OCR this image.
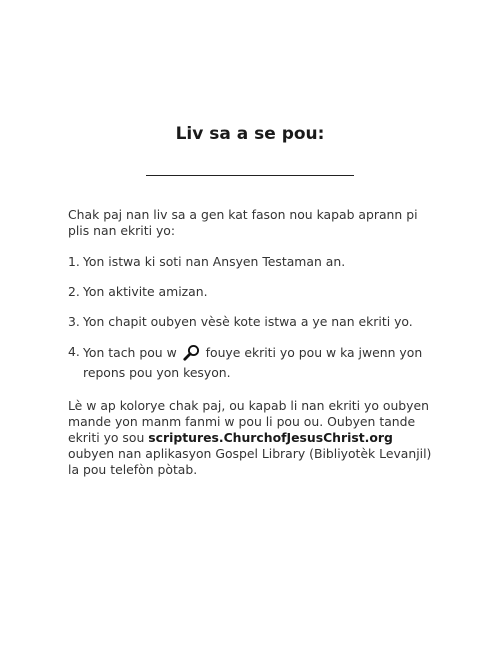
Liv sa a se pou:
Chak paj nan liv sa a gen kat fason nou kapab aprann pi plis nan ekriti yo:
1. Yon istwa ki soti nan Ansyen Testaman an.
2. Yon aktivite amizan.
3. Yon chapit oubyen vèsè kote istwa a ye nan ekriti yo.
4. Yon tach pou w fouye ekriti yo pou w ka jwenn yon repons pou yon kesyon.
Lè w ap kolorye chak paj, ou kapab li nan ekriti yo oubyen mande yon manm fanmi w pou li pou ou. Oubyen tande ekriti yo sou scriptures.ChurchofJesusChrist.org oubyen nan aplikasyon Gospel Library (Bibliyotèk Levanjil) la pou telefòn pòtab.
